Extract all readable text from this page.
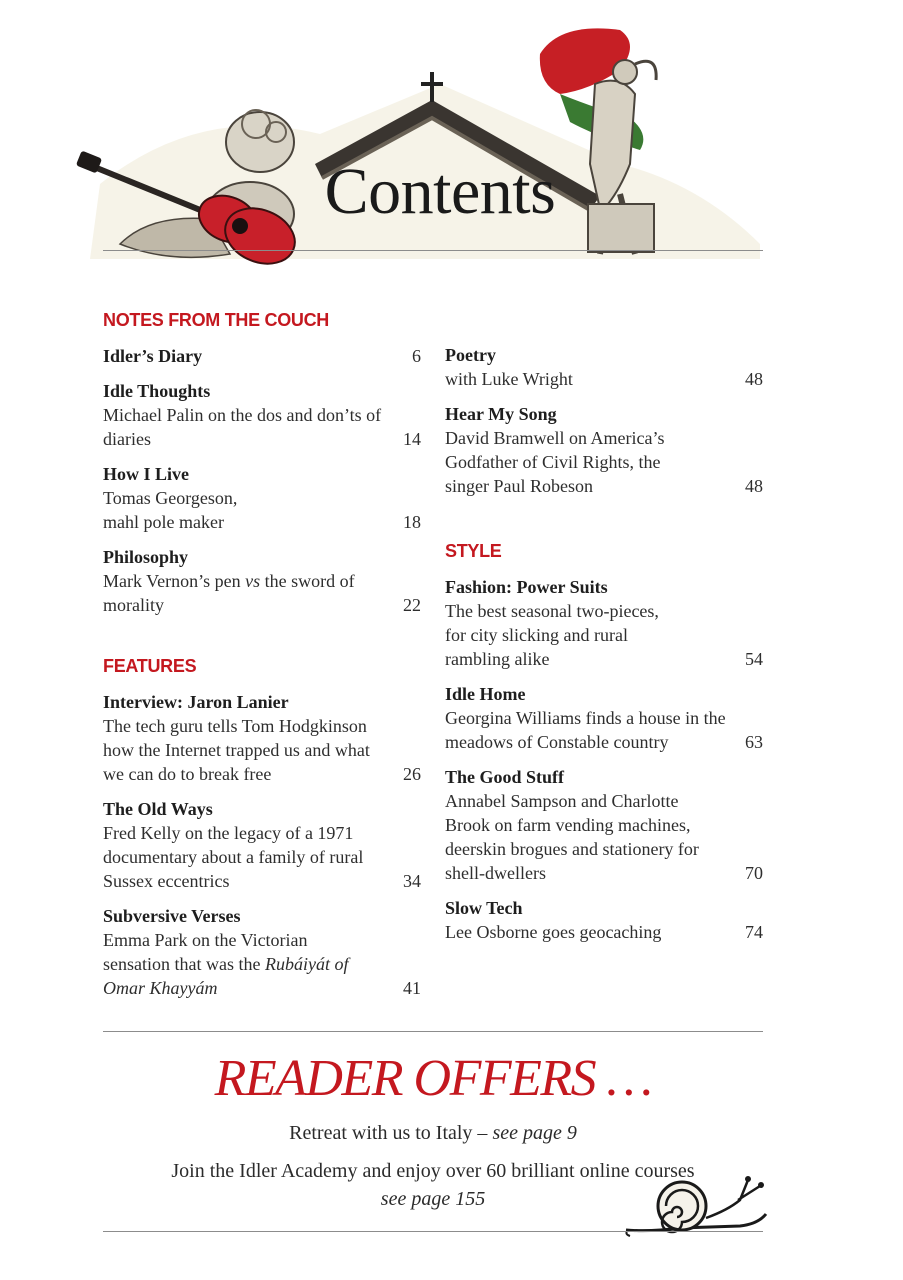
Contents
NOTES FROM THE COUCH
Idler’s Diary	6
Idle Thoughts
Michael Palin on the dos and don’ts of diaries	14
How I Live
Tomas Georgeson, mahl pole maker	18
Philosophy
Mark Vernon’s pen vs the sword of morality	22
FEATURES
Interview: Jaron Lanier
The tech guru tells Tom Hodgkinson how the Internet trapped us and what we can do to break free	26
The Old Ways
Fred Kelly on the legacy of a 1971 documentary about a family of rural Sussex eccentrics	34
Subversive Verses
Emma Park on the Victorian sensation that was the Rubáiyát of Omar Khayyám	41
Poetry
with Luke Wright	48
Hear My Song
David Bramwell on America’s Godfather of Civil Rights, the singer Paul Robeson	48
STYLE
Fashion: Power Suits
The best seasonal two-pieces, for city slicking and rural rambling alike	54
Idle Home
Georgina Williams finds a house in the meadows of Constable country	63
The Good Stuff
Annabel Sampson and Charlotte Brook on farm vending machines, deerskin brogues and stationery for shell-dwellers	70
Slow Tech
Lee Osborne goes geocaching	74
READER OFFERS …
Retreat with us to Italy – see page 9
Join the Idler Academy and enjoy over 60 brilliant online courses
see page 155
